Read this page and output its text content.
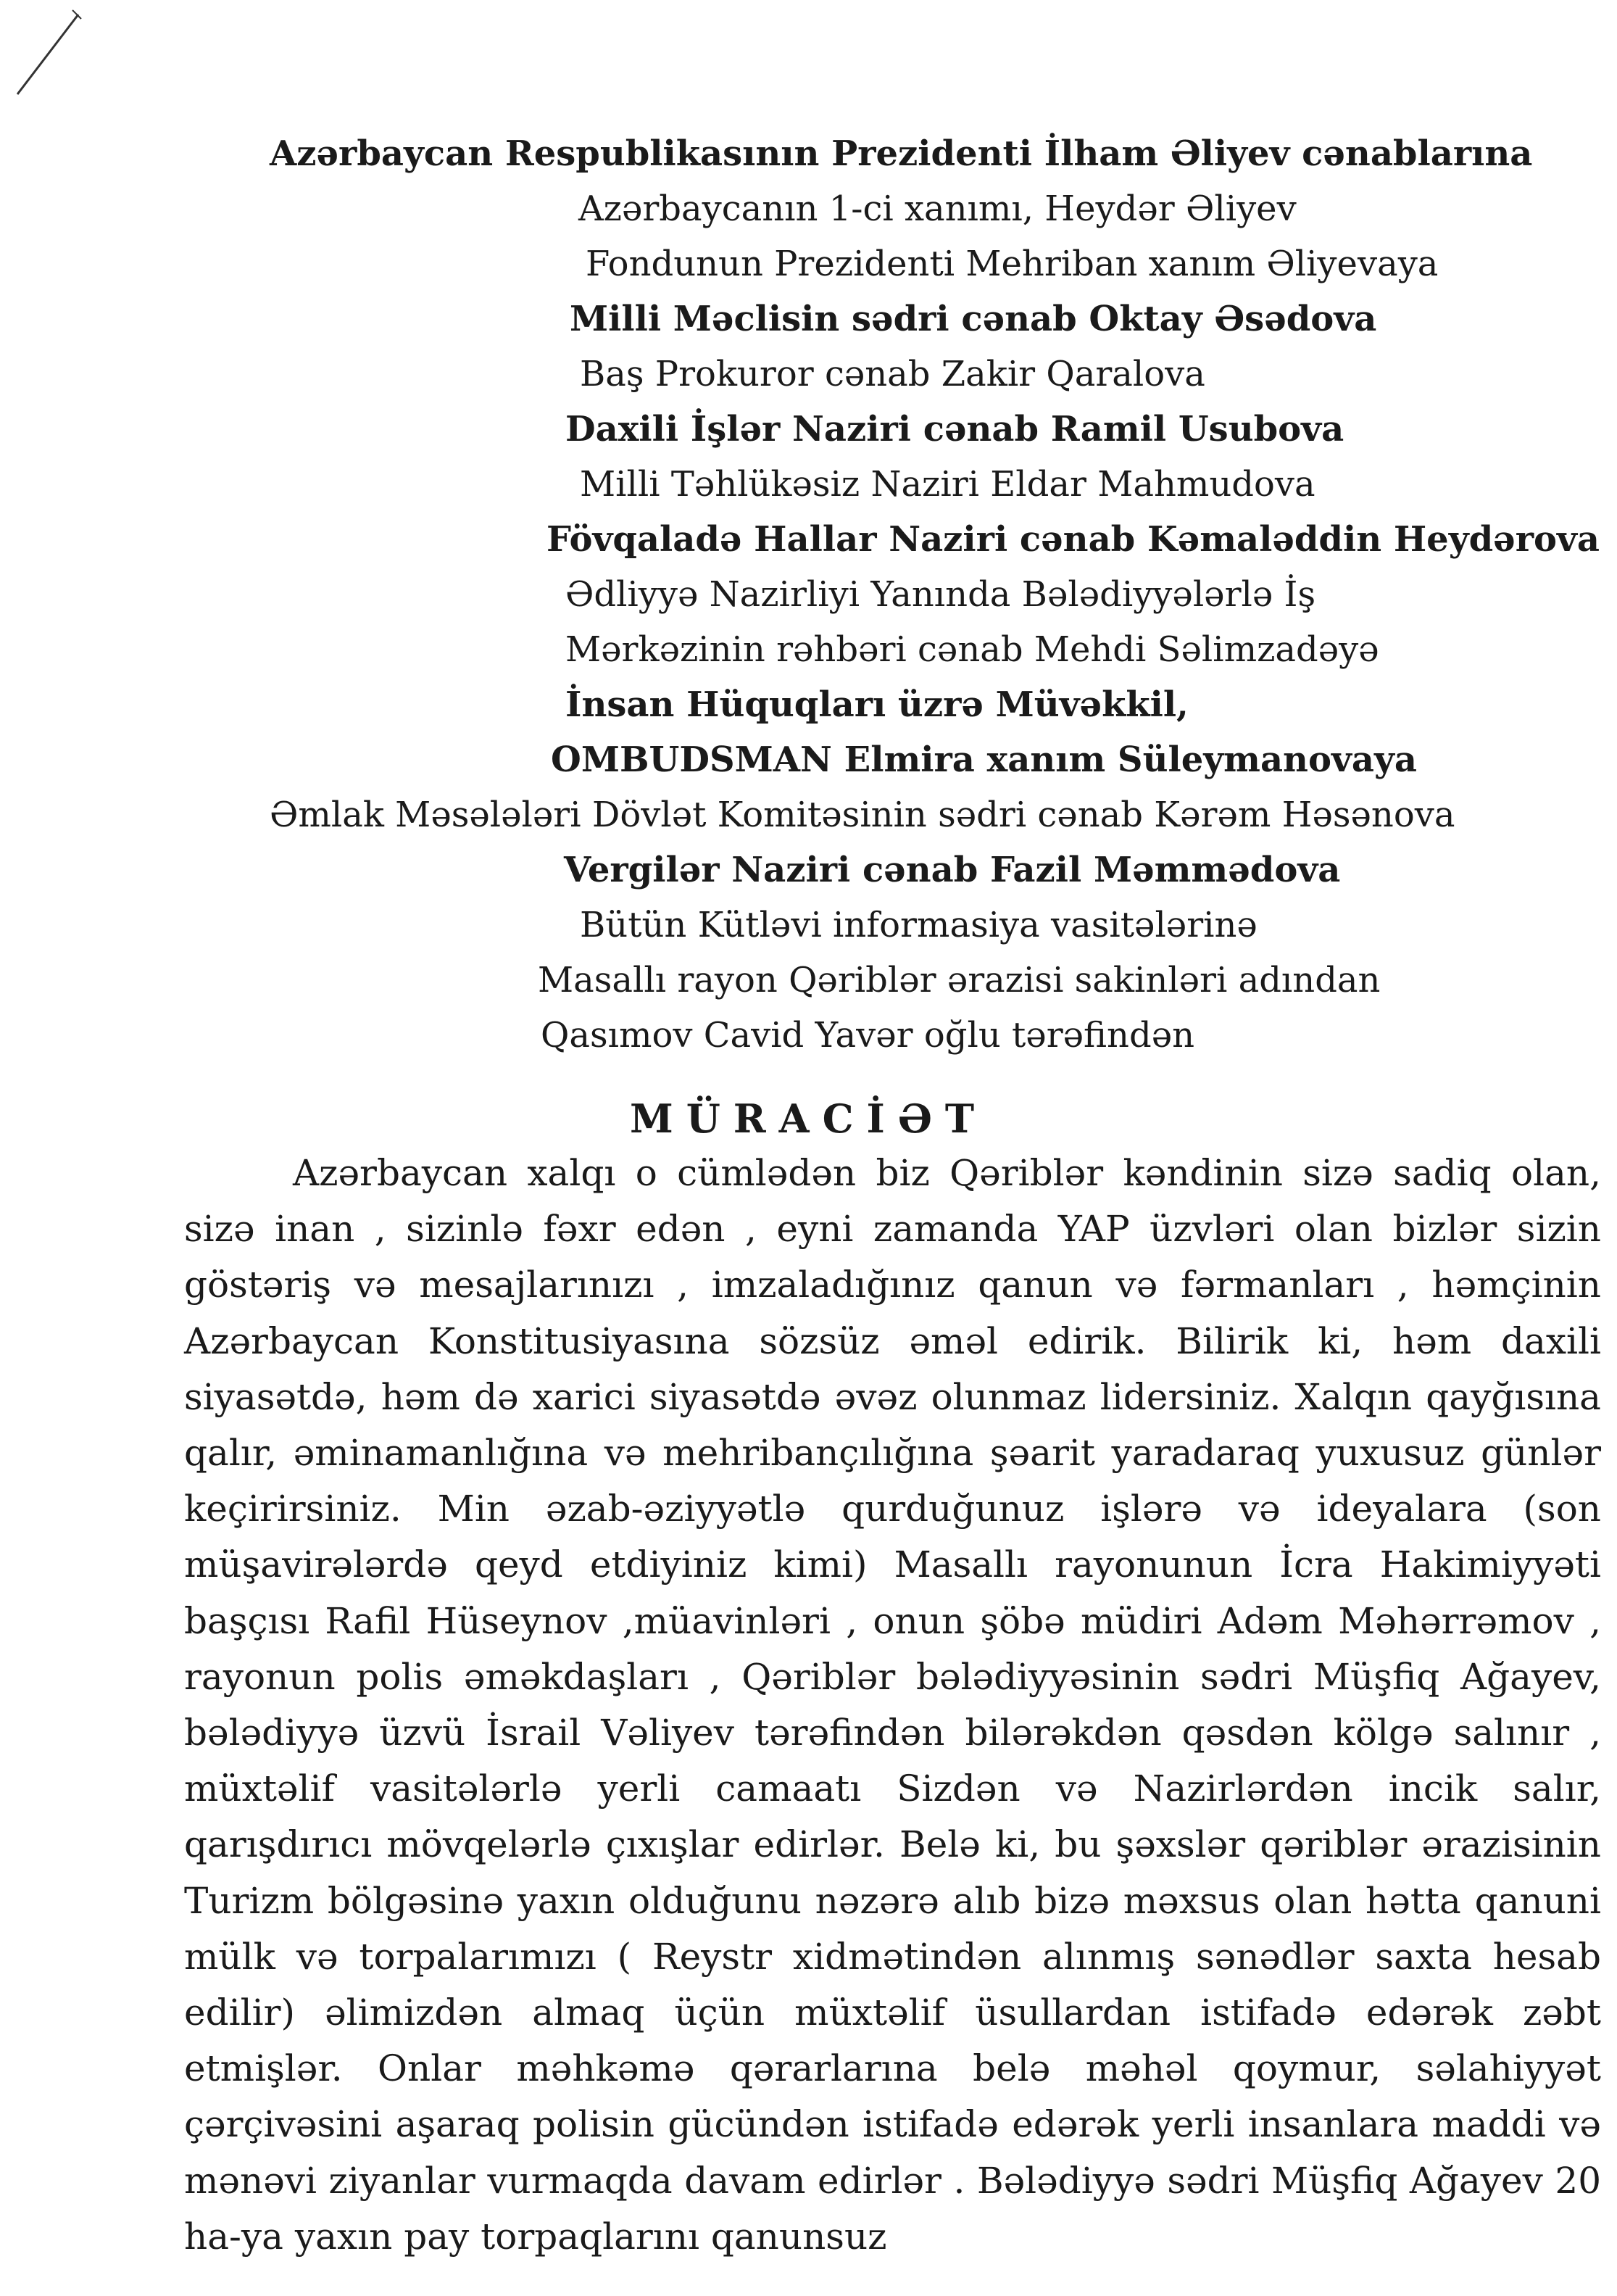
Azərbaycan Respublikasının Prezidenti İlham Əliyev cənablarına
Azərbaycanın 1-ci xanımı, Heydər Əliyev
Fondunun Prezidenti Mehriban xanım Əliyevaya
Milli Məclisin sədri cənab Oktay Əsədova
Baş Prokuror cənab Zakir Qaralova
Daxili İşlər Naziri cənab Ramil Usubova
Milli Təhlükəsiz Naziri Eldar Mahmudova
Fövqaladə Hallar Naziri cənab Kəmaləddin Heydərova
Ədliyyə Nazirliyi Yanında Bələdiyyələrlə İş
Mərkəzinin rəhbəri cənab Mehdi Səlimzadəyə
İnsan Hüquqları üzrə Müvəkkil,
OMBUDSMAN Elmira xanım Süleymanovaya
Əmlak Məsələləri Dövlət Komitəsinin sədri cənab Kərəm Həsənova
Vergilər Naziri cənab Fazil Məmmədova
Bütün Kütləvi informasiya vasitələrinə
Masallı rayon Qəriblər ərazisi sakinləri adından
Qasımov Cavid Yavər oğlu tərəfindən
MÜRACİƏT

Azərbaycan xalqı o cümlədən biz Qəriblər kəndinin sizə sadiq olan, sizə inan , sizinlə fəxr edən , eyni zamanda YAP üzvləri olan bizlər sizin göstəriş və mesajlarınızı , imzaladığınız qanun və fərmanları , həmçinin Azərbaycan Konstitusiyasına sözsüz əməl edirik. Bilirik ki, həm daxili siyasətdə, həm də xarici siyasətdə əvəz olunmaz lidersiniz. Xalqın qayğısına qalır, əminamanlığına və mehribançılığına şəarit yaradaraq yuxusuz günlər keçirirsiniz. Min əzab-əziyyətlə qurduğunuz işlərə və ideyalara (son müşavirələrdə qeyd etdiyiniz kimi) Masallı rayonunun İcra Hakimiyyəti başçısı Rafil Hüseynov ,müavinləri , onun şöbə müdiri Adəm Məhərrəmov , rayonun polis əməkdaşları , Qəriblər bələdiyyəsinin sədri Müşfiq Ağayev, bələdiyyə üzvü İsrail Vəliyev tərəfindən bilərəkdən qəsdən kölgə salınır , müxtəlif vasitələrlə yerli camaatı Sizdən və Nazirlərdən incik salır, qarışdırıcı mövqelərlə çıxışlar edirlər. Belə ki, bu şəxslər qəriblər ərazisinin Turizm bölgəsinə yaxın olduğunu nəzərə alıb bizə məxsus olan hətta qanuni mülk və torpalarımızı ( Reystr xidmətindən alınmış sənədlər saxta hesab edilir) əlimizdən almaq üçün müxtəlif üsullardan istifadə edərək zəbt etmişlər. Onlar məhkəmə qərarlarına belə məhəl qoymur, səlahiyyət çərçivəsini aşaraq polisin gücündən istifadə edərək yerli insanlara maddi və mənəvi ziyanlar vurmaqda davam edirlər . Bələdiyyə sədri Müşfiq Ağayev 20 ha-ya yaxın pay torpaqlarını qanunsuz
